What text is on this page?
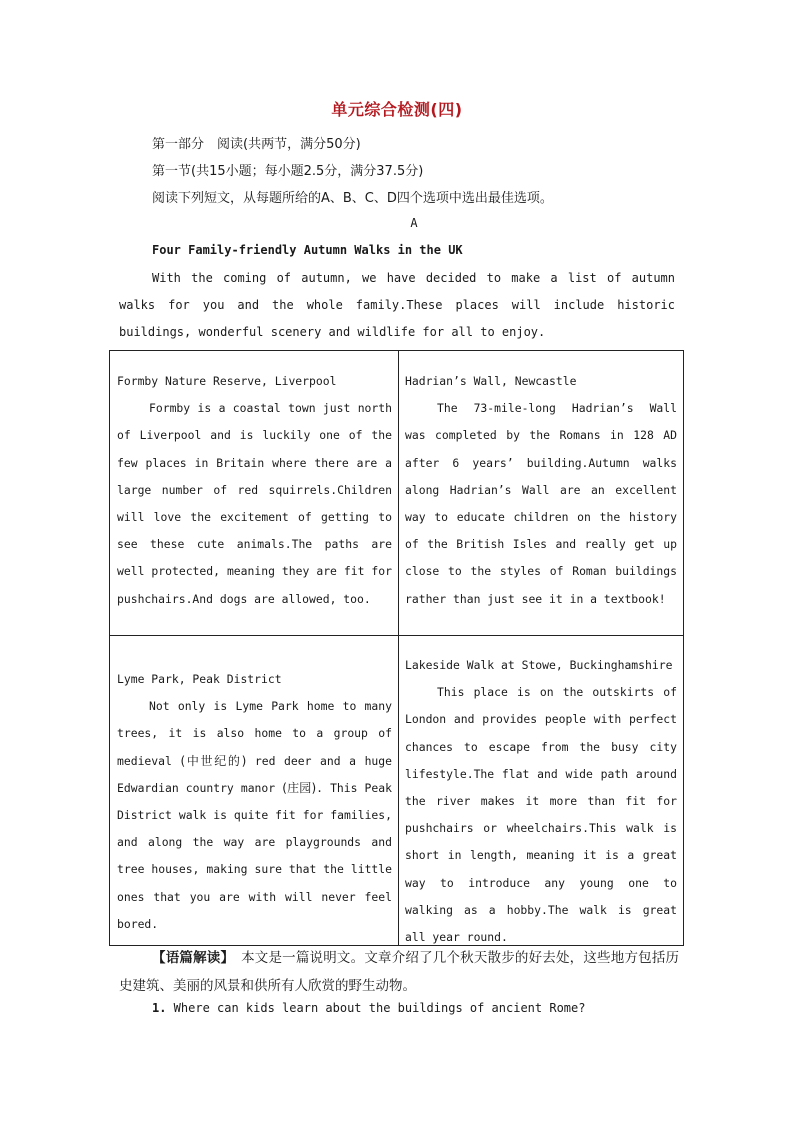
单元综合检测(四)
第一部分　阅读(共两节，满分50分)
第一节(共15小题；每小题2.5分，满分37.5分)
阅读下列短文，从每题所给的A、B、C、D四个选项中选出最佳选项。
A
Four Family-friendly Autumn Walks in the UK
With the coming of autumn, we have decided to make a list of autumn walks for you and the whole family.These places will include historic buildings, wonderful scenery and wildlife for all to enjoy.
Formby Nature Reserve, Liverpool
Formby is a coastal town just north of Liverpool and is luckily one of the few places in Britain where there are a large number of red squirrels.Children will love the excitement of getting to see these cute animals.The paths are well protected, meaning they are fit for pushchairs.And dogs are allowed, too.
Hadrian’s Wall, Newcastle
The 73-mile-long Hadrian’s Wall was completed by the Romans in 128 AD after 6 years’ building.Autumn walks along Hadrian’s Wall are an excellent way to educate children on the history of the British Isles and really get up close to the styles of Roman buildings rather than just see it in a textbook!
Lyme Park, Peak District
Not only is Lyme Park home to many trees, it is also home to a group of medieval (中世纪的) red deer and a huge Edwardian country manor (庄园). This Peak District walk is quite fit for families, and along the way are playgrounds and tree houses, making sure that the little ones that you are with will never feel bored.
Lakeside Walk at Stowe, Buckinghamshire
This place is on the outskirts of London and provides people with perfect chances to escape from the busy city lifestyle.The flat and wide path around the river makes it more than fit for pushchairs or wheelchairs.This walk is short in length, meaning it is a great way to introduce any young one to walking as a hobby.The walk is great all year round.
【语篇解读】　本文是一篇说明文。文章介绍了几个秋天散步的好去处，这些地方包括历史建筑、美丽的风景和供所有人欣赏的野生动物。
1. Where can kids learn about the buildings of ancient Rome?
